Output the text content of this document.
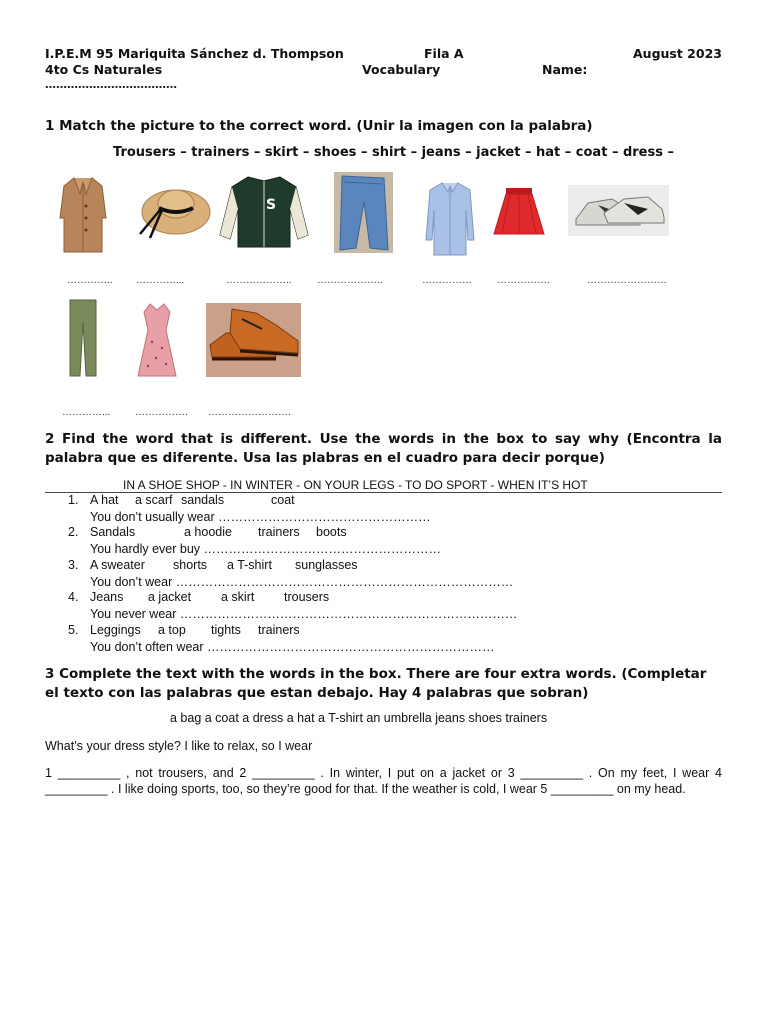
I.P.E.M 95 Mariquita Sánchez d. Thompson	Fila A	August 2023
4to Cs Naturales	Vocabulary	Name:
………………………………
1 Match the picture to the correct word. (Unir la imagen con la palabra)
Trousers – trainers – skirt – shoes – shirt – jeans – jacket – hat – coat – dress –
S
………….. …………...	………………..	………………..	……………	…………….	……………………
…………... ……………. …………………….
2 Find the word that is different. Use the words in the box to say why (Encontra la palabra que es diferente. Usa las plabras en el cuadro para decir porque)
IN A SHOE SHOP - IN WINTER - ON YOUR LEGS - TO DO SPORT - WHEN IT’S HOT
1. A hat a scarf sandals	coat
You don’t usually wear ……………………………………………
2. Sandals	a hoodie trainers boots
You hardly ever buy …………………………………………………
3. A sweater shorts a T-shirt sunglasses
You don’t wear ………………………………………………………………………
4. Jeans a jacket a skirt trousers
You never wear ………………………………………………………………………
5. Leggings a top tights trainers
You don’t often wear ……………………………………………………………
3 Complete the text with the words in the box. There are four extra words. (Completar el texto con las palabras que estan debajo. Hay 4 palabras que sobran)
a bag a coat a dress a hat a T-shirt an umbrella jeans shoes trainers
What’s your dress style? I like to relax, so I wear

1 _________ , not trousers, and 2 _________ . In winter, I put on a jacket or 3 _________ . On my feet, I wear 4 _________ . I like doing sports, too, so they’re good for that. If the weather is cold, I wear 5 _________ on my head.
